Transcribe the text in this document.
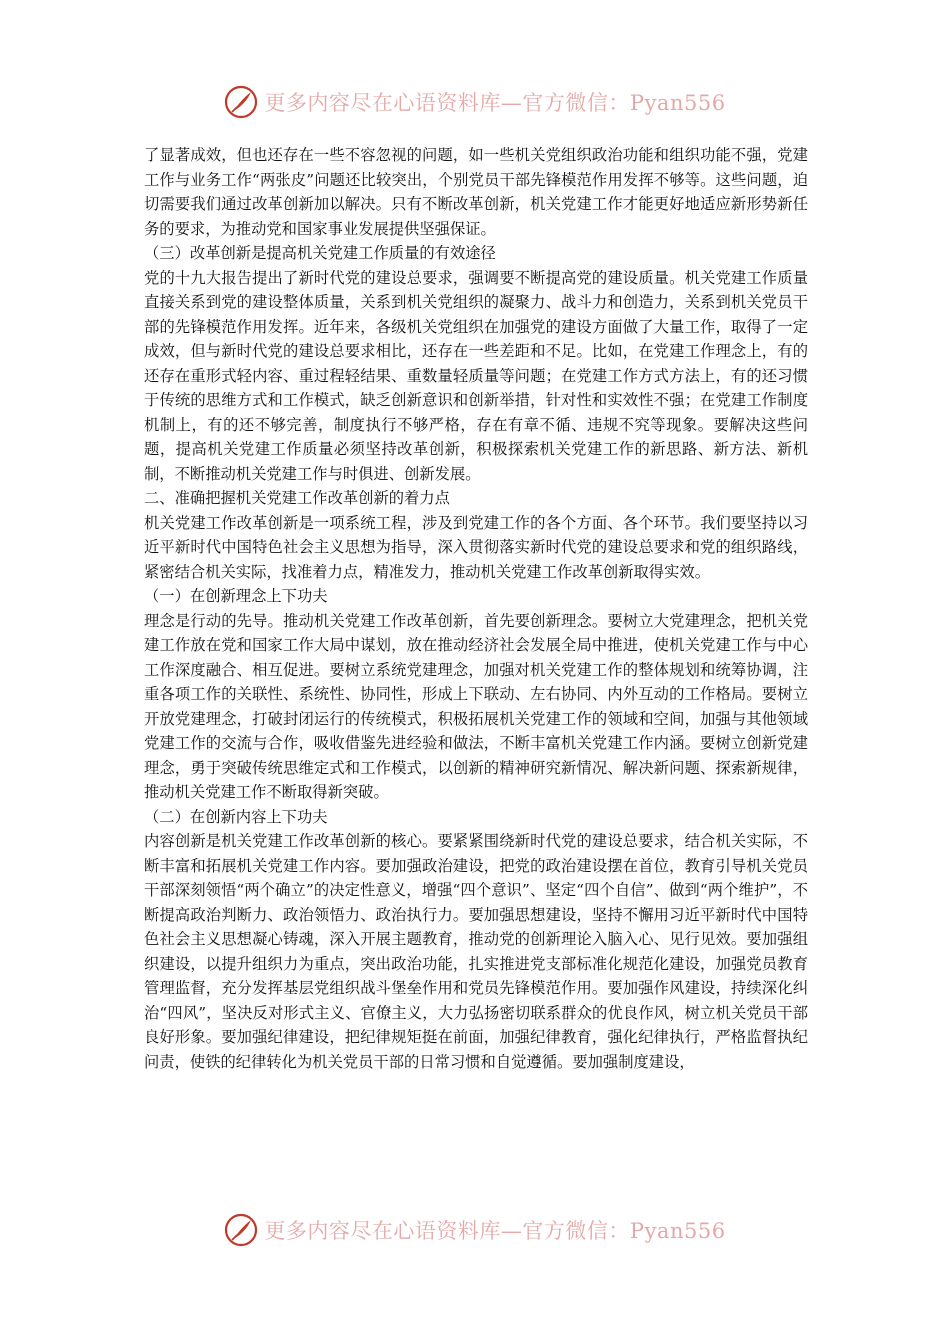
更多内容尽在心语资料库—官方微信：Pyan556

了显著成效，但也还存在一些不容忽视的问题，如一些机关党组织政治功能和组织功能不强，党建工作与业务工作“两张皮”问题还比较突出，个别党员干部先锋模范作用发挥不够等。这些问题，迫切需要我们通过改革创新加以解决。只有不断改革创新，机关党建工作才能更好地适应新形势新任务的要求，为推动党和国家事业发展提供坚强保证。

（三）改革创新是提高机关党建工作质量的有效途径

党的十九大报告提出了新时代党的建设总要求，强调要不断提高党的建设质量。机关党建工作质量直接关系到党的建设整体质量，关系到机关党组织的凝聚力、战斗力和创造力，关系到机关党员干部的先锋模范作用发挥。近年来，各级机关党组织在加强党的建设方面做了大量工作，取得了一定成效，但与新时代党的建设总要求相比，还存在一些差距和不足。比如，在党建工作理念上，有的还存在重形式轻内容、重过程轻结果、重数量轻质量等问题；在党建工作方式方法上，有的还习惯于传统的思维方式和工作模式，缺乏创新意识和创新举措，针对性和实效性不强；在党建工作制度机制上，有的还不够完善，制度执行不够严格，存在有章不循、违规不究等现象。要解决这些问题，提高机关党建工作质量必须坚持改革创新，积极探索机关党建工作的新思路、新方法、新机制，不断推动机关党建工作与时俱进、创新发展。

二、准确把握机关党建工作改革创新的着力点

机关党建工作改革创新是一项系统工程，涉及到党建工作的各个方面、各个环节。我们要坚持以习近平新时代中国特色社会主义思想为指导，深入贯彻落实新时代党的建设总要求和党的组织路线，紧密结合机关实际，找准着力点，精准发力，推动机关党建工作改革创新取得实效。

（一）在创新理念上下功夫

理念是行动的先导。推动机关党建工作改革创新，首先要创新理念。要树立大党建理念，把机关党建工作放在党和国家工作大局中谋划，放在推动经济社会发展全局中推进，使机关党建工作与中心工作深度融合、相互促进。要树立系统党建理念，加强对机关党建工作的整体规划和统筹协调，注重各项工作的关联性、系统性、协同性，形成上下联动、左右协同、内外互动的工作格局。要树立开放党建理念，打破封闭运行的传统模式，积极拓展机关党建工作的领域和空间，加强与其他领域党建工作的交流与合作，吸收借鉴先进经验和做法，不断丰富机关党建工作内涵。要树立创新党建理念，勇于突破传统思维定式和工作模式，以创新的精神研究新情况、解决新问题、探索新规律，推动机关党建工作不断取得新突破。

（二）在创新内容上下功夫

内容创新是机关党建工作改革创新的核心。要紧紧围绕新时代党的建设总要求，结合机关实际，不断丰富和拓展机关党建工作内容。要加强政治建设，把党的政治建设摆在首位，教育引导机关党员干部深刻领悟“两个确立”的决定性意义，增强“四个意识”、坚定“四个自信”、做到“两个维护”，不断提高政治判断力、政治领悟力、政治执行力。要加强思想建设，坚持不懈用习近平新时代中国特色社会主义思想凝心铸魂，深入开展主题教育，推动党的创新理论入脑入心、见行见效。要加强组织建设，以提升组织力为重点，突出政治功能，扎实推进党支部标准化规范化建设，加强党员教育管理监督，充分发挥基层党组织战斗堡垒作用和党员先锋模范作用。要加强作风建设，持续深化纠治“四风”，坚决反对形式主义、官僚主义，大力弘扬密切联系群众的优良作风，树立机关党员干部良好形象。要加强纪律建设，把纪律规矩挺在前面，加强纪律教育，强化纪律执行，严格监督执纪问责，使铁的纪律转化为机关党员干部的日常习惯和自觉遵循。要加强制度建设，

更多内容尽在心语资料库—官方微信：Pyan556
